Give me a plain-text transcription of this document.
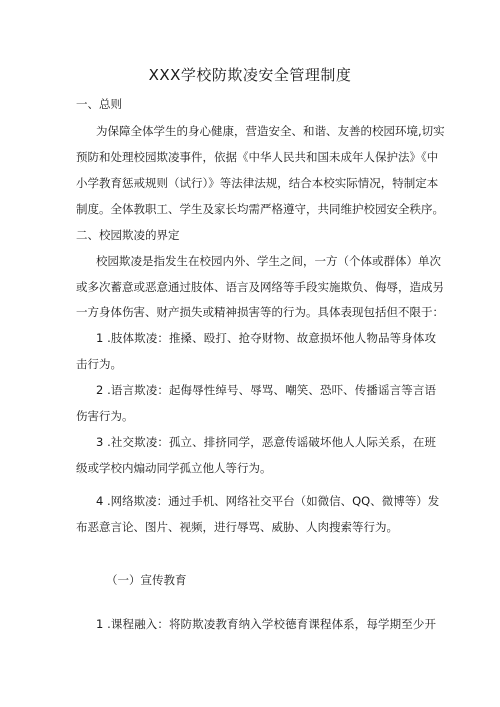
XXX学校防欺凌安全管理制度
一、总则
为保障全体学生的身心健康，营造安全、和谐、友善的校园环境,切实
预防和处理校园欺凌事件，依据《中华人民共和国未成年人保护法》《中
小学教育惩戒规则（试行）》等法律法规，结合本校实际情况，特制定本
制度。全体教职工、学生及家长均需严格遵守，共同维护校园安全秩序。
二、校园欺凌的界定
校园欺凌是指发生在校园内外、学生之间，一方（个体或群体）单次
或多次蓄意或恶意通过肢体、语言及网络等手段实施欺负、侮辱，造成另
一方身体伤害、财产损失或精神损害等的行为。具体表现包括但不限于：
1 .肢体欺凌：推搡、殴打、抢夺财物、故意损坏他人物品等身体攻
击行为。
2 .语言欺凌：起侮辱性绰号、辱骂、嘲笑、恐吓、传播谣言等言语
伤害行为。
3 .社交欺凌：孤立、排挤同学，恶意传谣破坏他人人际关系，在班
级或学校内煽动同学孤立他人等行为。
4 .网络欺凌：通过手机、网络社交平台（如微信、QQ、微博等）发
布恶意言论、图片、视频，进行辱骂、威胁、人肉搜索等行为。
（一）宣传教育
1 .课程融入：将防欺凌教育纳入学校德育课程体系，每学期至少开
